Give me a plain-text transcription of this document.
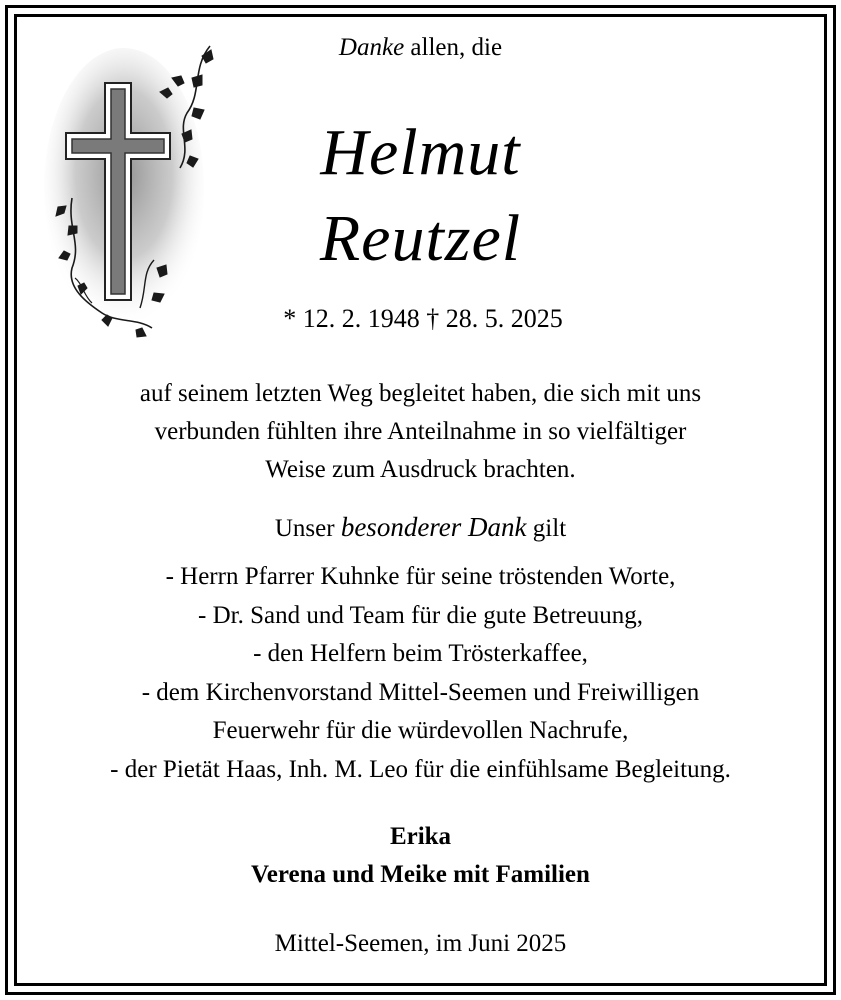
Danke allen, die
Helmut
Reutzel
* 12. 2. 1948 † 28. 5. 2025
auf seinem letzten Weg begleitet haben, die sich mit uns
verbunden fühlten ihre Anteilnahme in so vielfältiger
Weise zum Ausdruck brachten.
Unser besonderer Dank gilt
- Herrn Pfarrer Kuhnke für seine tröstenden Worte,
- Dr. Sand und Team für die gute Betreuung,
- den Helfern beim Trösterkaffee,
- dem Kirchenvorstand Mittel-Seemen und Freiwilligen
Feuerwehr für die würdevollen Nachrufe,
- der Pietät Haas, Inh. M. Leo für die einfühlsame Begleitung.
Erika
Verena und Meike mit Familien
Mittel-Seemen, im Juni 2025
